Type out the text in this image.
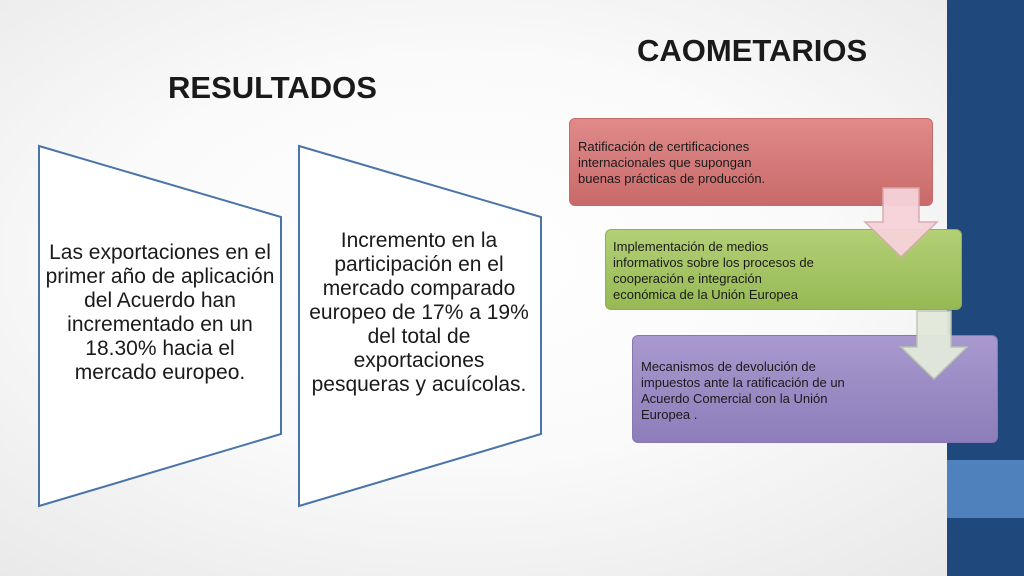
RESULTADOS
CAOMETARIOS
Las exportaciones en el primer año de aplicación del Acuerdo han incrementado en un 18.30% hacia el mercado europeo.
Incremento en la participación en el mercado comparado europeo de 17% a 19% del total de exportaciones pesqueras y acuícolas.
Ratificación de certificaciones
internacionales que supongan
buenas prácticas de producción.
Implementación de medios
informativos sobre los procesos de
cooperación e integración
económica de la Unión Europea
Mecanismos de devolución de
impuestos ante la ratificación de un
Acuerdo Comercial con la Unión
Europea .
